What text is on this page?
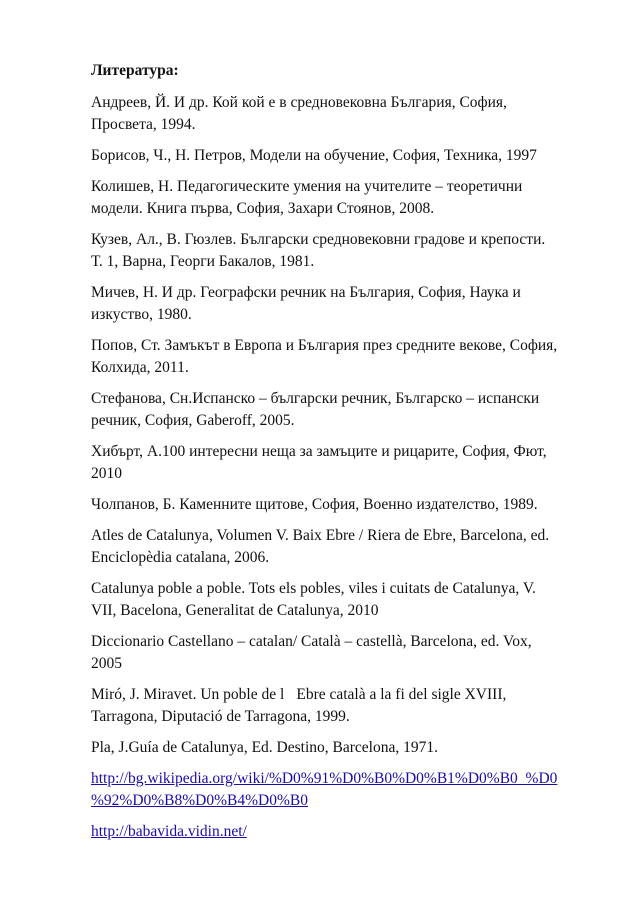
Литература:
Андреев, Й. И др. Кой кой е в средновековна България, София,
Просвета, 1994.
Борисов, Ч., Н. Петров, Модели на обучение, София, Техника, 1997
Колишев, Н. Педагогическите умения на учителите – теоретични
модели. Книга първа, София, Захари Стоянов, 2008.
Кузев, Ал., В. Гюзлев. Български средновековни градове и крепости.
Т. 1, Варна, Георги Бакалов, 1981.
Мичев, Н. И др. Географски речник на България, София, Наука и
изкуство, 1980.
Попов, Ст. Замъкът в Европа и България през средните векове, София,
Колхида, 2011.
Стефанова, Сн.Испанско – български речник, Българско – испански
речник, София, Gaberoff, 2005.
Хибърт, А.100 интересни неща за замъците и рицарите, София, Фют,
2010
Чолпанов, Б. Каменните щитове, София, Военно издателство, 1989.
Atles de Catalunya, Volumen V. Baix Ebre / Riera de Ebre, Barcelona, ed.
Enciclopèdia catalana, 2006.
Catalunya poble a poble. Tots els pobles, viles i cuitats de Catalunya, V.
VII, Bacelona, Generalitat de Catalunya, 2010
Diccionario Castellano – catalan/ Català – castellà, Barcelona, ed. Vox,
2005
Miró, J. Miravet. Un poble de l􀂶Ebre català a la fi del sigle XVIII,
Tarragona, Diputació de Tarragona, 1999.
Pla, J.Guía de Catalunya, Ed. Destino, Barcelona, 1971.
http://bg.wikipedia.org/wiki/%D0%91%D0%B0%D0%B1%D0%B0_%D0
%92%D0%B8%D0%B4%D0%B0
http://babavida.vidin.net/
